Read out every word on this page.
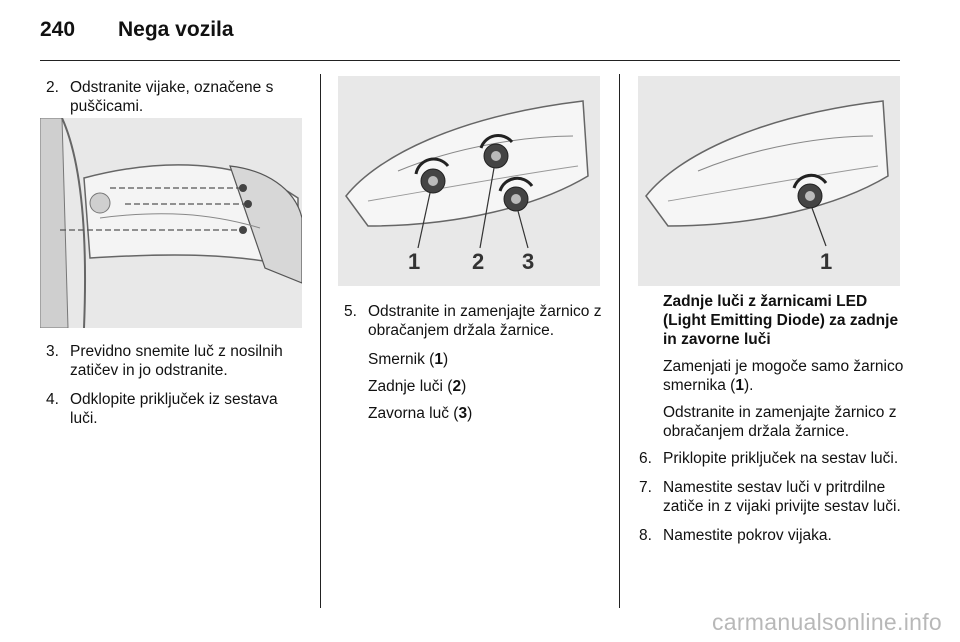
240 Nega vozila
2. Odstranite vijake, označene s puščicami.
3. Previdno snemite luč z nosilnih zatičev in jo odstranite.
4. Odklopite priključek iz sestava luči.
1 2 3
5. Odstranite in zamenjajte žarnico z obračanjem držala žarnice.
Smernik (1)
Zadnje luči (2)
Zavorna luč (3)
1
Zadnje luči z žarnicami LED (Light Emitting Diode) za zadnje in zavorne luči
Zamenjati je mogoče samo žarnico smernika (1).
Odstranite in zamenjajte žarnico z obračanjem držala žarnice.
6. Priklopite priključek na sestav luči.
7. Namestite sestav luči v pritrdilne zatiče in z vijaki privijte sestav luči.
8. Namestite pokrov vijaka.
carmanualsonline.info
